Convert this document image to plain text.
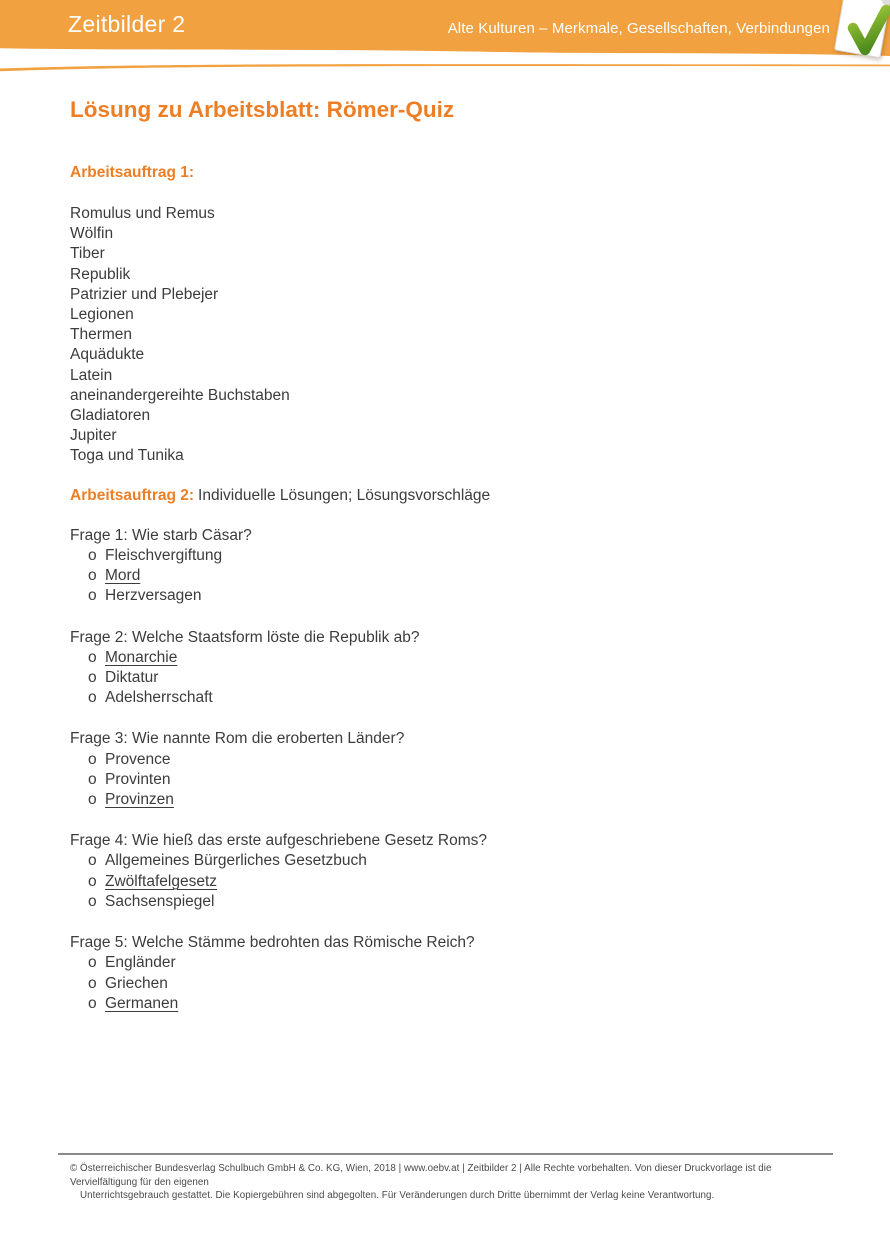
Zeitbilder 2	Alte Kulturen – Merkmale, Gesellschaften, Verbindungen
Lösung zu Arbeitsblatt: Römer-Quiz
Arbeitsauftrag 1:
Romulus und Remus
Wölfin
Tiber
Republik
Patrizier und Plebejer
Legionen
Thermen
Aquädukte
Latein
aneinandergereihte Buchstaben
Gladiatoren
Jupiter
Toga und Tunika
Arbeitsauftrag 2: Individuelle Lösungen; Lösungsvorschläge
Frage 1: Wie starb Cäsar?
o Fleischvergiftung
o Mord
o Herzversagen
Frage 2: Welche Staatsform löste die Republik ab?
o Monarchie
o Diktatur
o Adelsherrschaft
Frage 3: Wie nannte Rom die eroberten Länder?
o Provence
o Provinten
o Provinzen
Frage 4: Wie hieß das erste aufgeschriebene Gesetz Roms?
o Allgemeines Bürgerliches Gesetzbuch
o Zwölftafelgesetz
o Sachsenspiegel
Frage 5: Welche Stämme bedrohten das Römische Reich?
o Engländer
o Griechen
o Germanen
© Österreichischer Bundesverlag Schulbuch GmbH & Co. KG, Wien, 2018 | www.oebv.at | Zeitbilder 2 | Alle Rechte vorbehalten. Von dieser Druckvorlage ist die Vervielfältigung für den eigenen
Unterrichtsgebrauch gestattet. Die Kopiergebühren sind abgegolten. Für Veränderungen durch Dritte übernimmt der Verlag keine Verantwortung.
